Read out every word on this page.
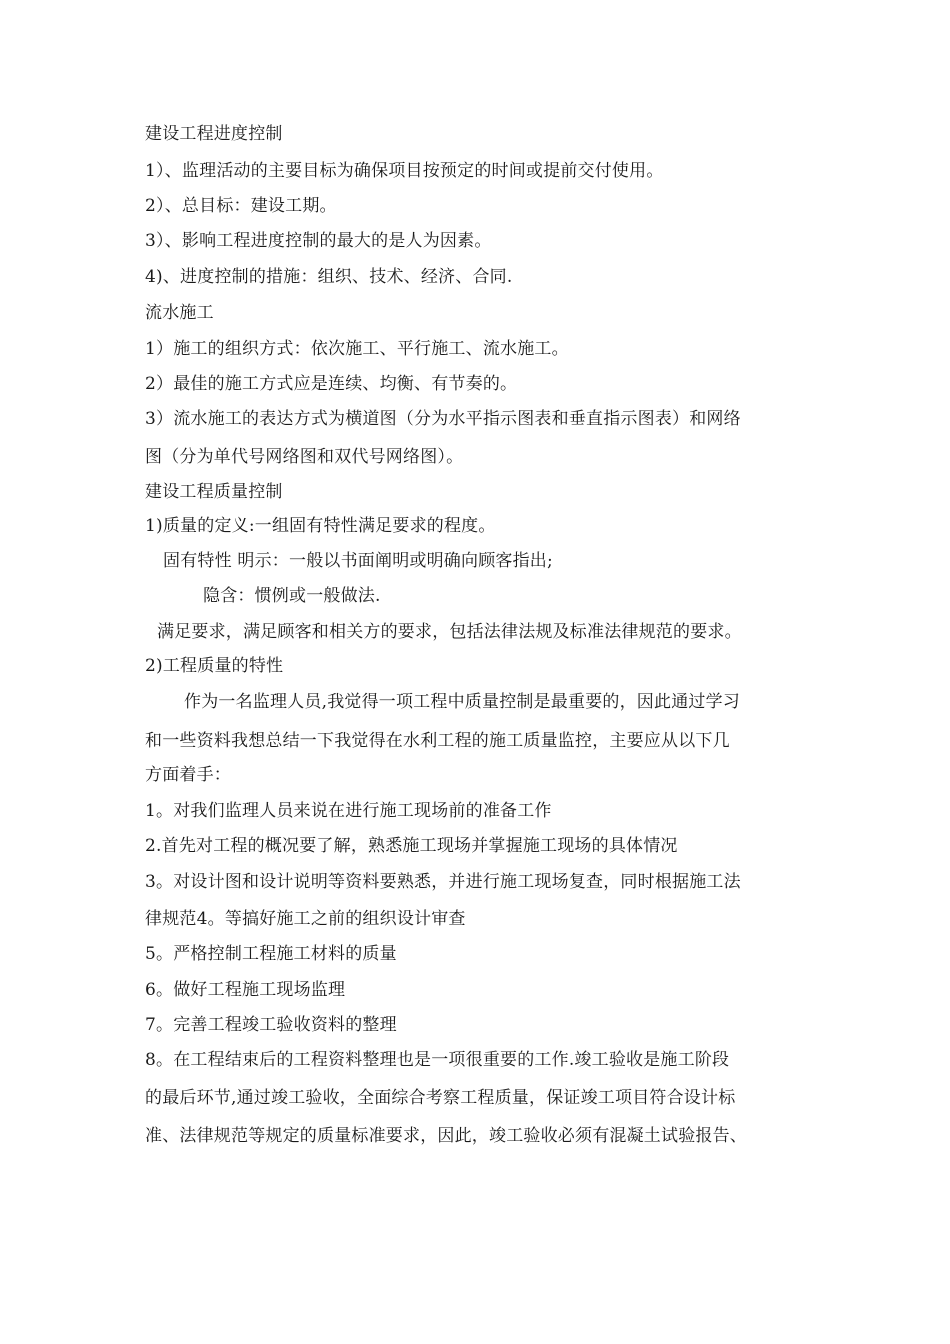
建设工程进度控制
1）、监理活动的主要目标为确保项目按预定的时间或提前交付使用。
2）、总目标：建设工期。
3）、影响工程进度控制的最大的是人为因素。
4)、进度控制的措施：组织、技术、经济、合同.
流水施工
1）施工的组织方式：依次施工、平行施工、流水施工。
2）最佳的施工方式应是连续、均衡、有节奏的。
3）流水施工的表达方式为横道图（分为水平指示图表和垂直指示图表）和网络
图（分为单代号网络图和双代号网络图）。
建设工程质量控制
1)质量的定义:一组固有特性满足要求的程度。
固有特性 明示：一般以书面阐明或明确向顾客指出;
隐含：惯例或一般做法.
满足要求，满足顾客和相关方的要求，包括法律法规及标准法律规范的要求。
2)工程质量的特性
作为一名监理人员,我觉得一项工程中质量控制是最重要的，因此通过学习
和一些资料我想总结一下我觉得在水利工程的施工质量监控，主要应从以下几
方面着手：
1。对我们监理人员来说在进行施工现场前的准备工作
2.首先对工程的概况要了解，熟悉施工现场并掌握施工现场的具体情况
3。对设计图和设计说明等资料要熟悉，并进行施工现场复查，同时根据施工法
律规范4。等搞好施工之前的组织设计审查
5。严格控制工程施工材料的质量
6。做好工程施工现场监理
7。完善工程竣工验收资料的整理
8。在工程结束后的工程资料整理也是一项很重要的工作.竣工验收是施工阶段
的最后环节,通过竣工验收，全面综合考察工程质量，保证竣工项目符合设计标
准、法律规范等规定的质量标准要求，因此，竣工验收必须有混凝土试验报告、
